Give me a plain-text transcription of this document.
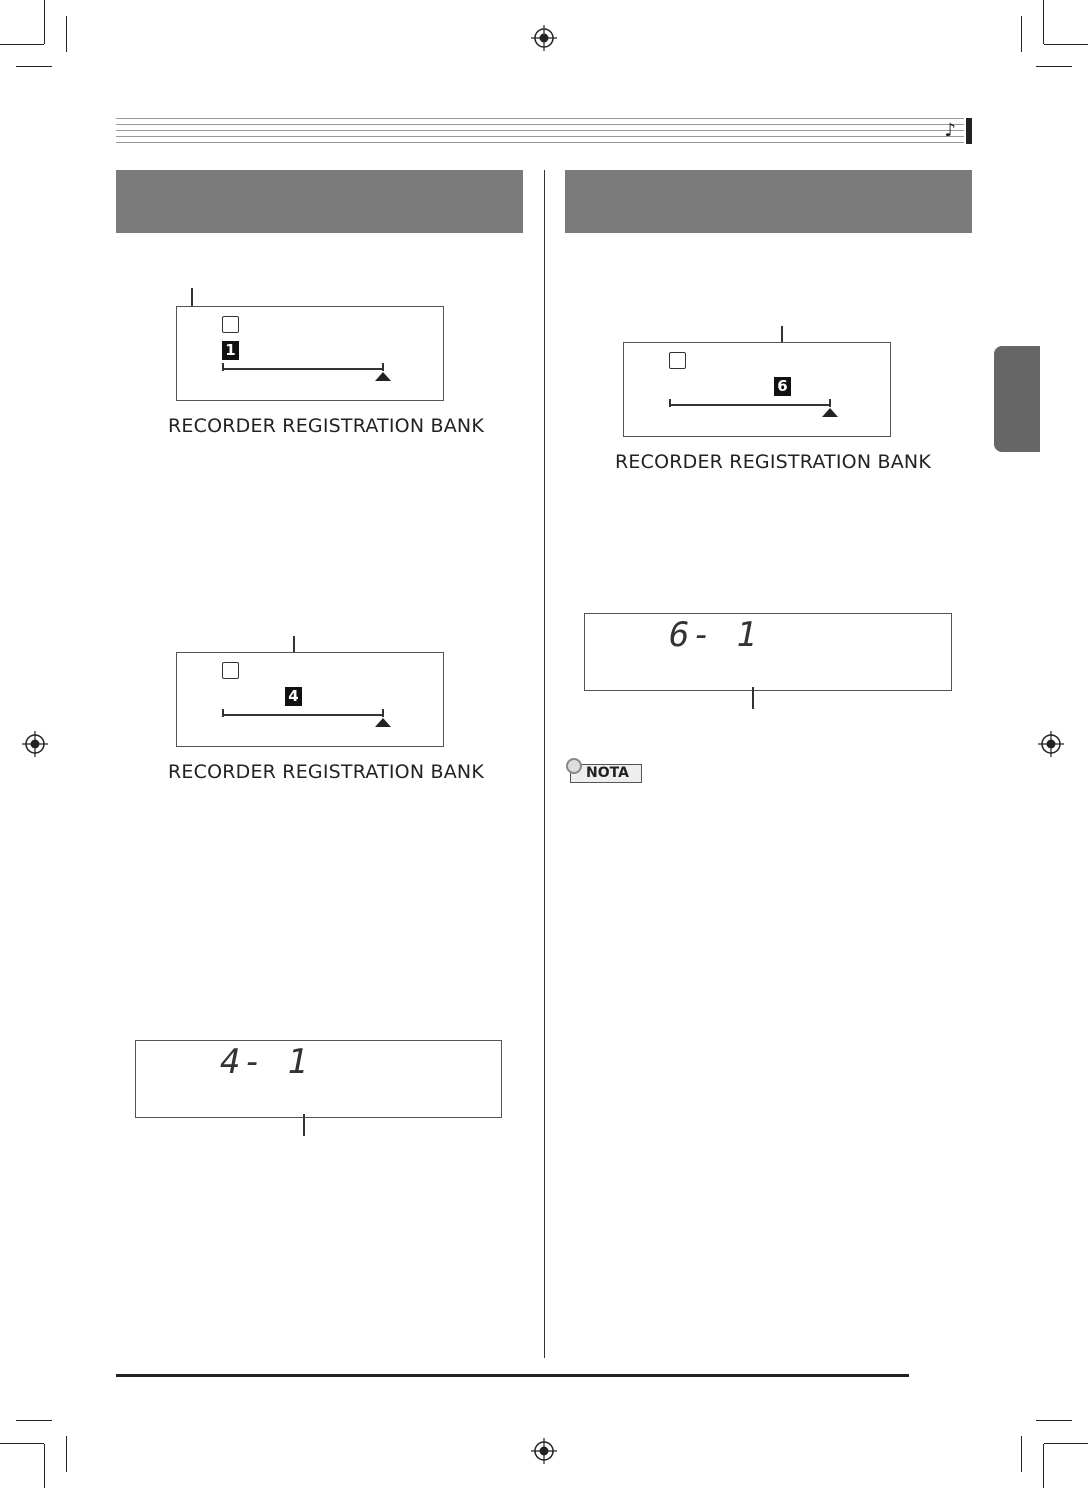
♪
1
RECORDER REGISTRATION BANK
4
RECORDER REGISTRATION BANK
4- 1
6
RECORDER REGISTRATION BANK
6- 1
NOTA
